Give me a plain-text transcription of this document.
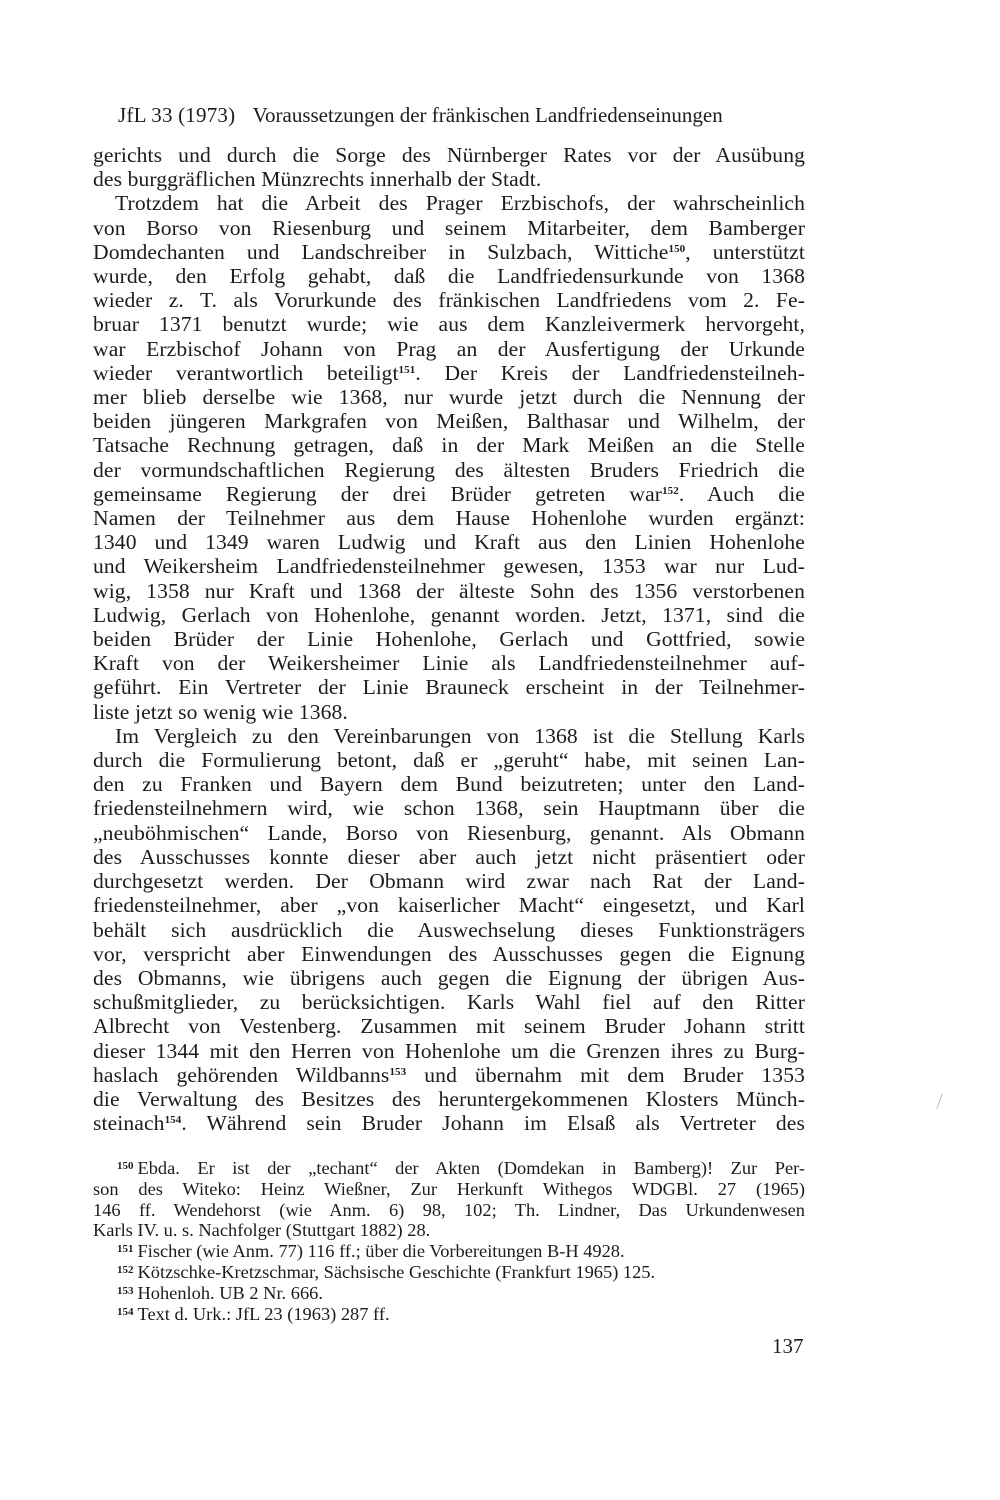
JfL 33 (1973) Voraussetzungen der fränkischen Landfriedenseinungen
gerichts und durch die Sorge des Nürnberger Rates vor der Ausübung
des burggräflichen Münzrechts innerhalb der Stadt.
Trotzdem hat die Arbeit des Prager Erzbischofs, der wahrscheinlich
von Borso von Riesenburg und seinem Mitarbeiter, dem Bamberger
Domdechanten und Landschreiber in Sulzbach, Wittiche$^{150}$, unterstützt
wurde, den Erfolg gehabt, daß die Landfriedensurkunde von 1368
wieder z. T. als Vorurkunde des fränkischen Landfriedens vom 2. Fe-
bruar 1371 benutzt wurde; wie aus dem Kanzleivermerk hervorgeht,
war Erzbischof Johann von Prag an der Ausfertigung der Urkunde
wieder verantwortlich beteiligt$^{151}$. Der Kreis der Landfriedensteilneh-
mer blieb derselbe wie 1368, nur wurde jetzt durch die Nennung der
beiden jüngeren Markgrafen von Meißen, Balthasar und Wilhelm, der
Tatsache Rechnung getragen, daß in der Mark Meißen an die Stelle
der vormundschaftlichen Regierung des ältesten Bruders Friedrich die
gemeinsame Regierung der drei Brüder getreten war$^{152}$. Auch die
Namen der Teilnehmer aus dem Hause Hohenlohe wurden ergänzt:
1340 und 1349 waren Ludwig und Kraft aus den Linien Hohenlohe
und Weikersheim Landfriedensteilnehmer gewesen, 1353 war nur Lud-
wig, 1358 nur Kraft und 1368 der älteste Sohn des 1356 verstorbenen
Ludwig, Gerlach von Hohenlohe, genannt worden. Jetzt, 1371, sind die
beiden Brüder der Linie Hohenlohe, Gerlach und Gottfried, sowie
Kraft von der Weikersheimer Linie als Landfriedensteilnehmer auf-
geführt. Ein Vertreter der Linie Brauneck erscheint in der Teilnehmer-
liste jetzt so wenig wie 1368.
Im Vergleich zu den Vereinbarungen von 1368 ist die Stellung Karls
durch die Formulierung betont, daß er „geruht“ habe, mit seinen Lan-
den zu Franken und Bayern dem Bund beizutreten; unter den Land-
friedensteilnehmern wird, wie schon 1368, sein Hauptmann über die
„neuböhmischen“ Lande, Borso von Riesenburg, genannt. Als Obmann
des Ausschusses konnte dieser aber auch jetzt nicht präsentiert oder
durchgesetzt werden. Der Obmann wird zwar nach Rat der Land-
friedensteilnehmer, aber „von kaiserlicher Macht“ eingesetzt, und Karl
behält sich ausdrücklich die Auswechselung dieses Funktionsträgers
vor, verspricht aber Einwendungen des Ausschusses gegen die Eignung
des Obmanns, wie übrigens auch gegen die Eignung der übrigen Aus-
schußmitglieder, zu berücksichtigen. Karls Wahl fiel auf den Ritter
Albrecht von Vestenberg. Zusammen mit seinem Bruder Johann stritt
dieser 1344 mit den Herren von Hohenlohe um die Grenzen ihres zu Burg-
haslach gehörenden Wildbanns$^{153}$ und übernahm mit dem Bruder 1353
die Verwaltung des Besitzes des heruntergekommenen Klosters Münch-
steinach$^{154}$. Während sein Bruder Johann im Elsaß als Vertreter des
$^{150}$ Ebda. Er ist der „techant“ der Akten (Domdekan in Bamberg)! Zur Per-
son des Witeko: Heinz Wießner, Zur Herkunft Withegos WDGBl. 27 (1965)
146 ff. Wendehorst (wie Anm. 6) 98, 102; Th. Lindner, Das Urkundenwesen
Karls IV. u. s. Nachfolger (Stuttgart 1882) 28.
$^{151}$ Fischer (wie Anm. 77) 116 ff.; über die Vorbereitungen B-H 4928.
$^{152}$ Kötzschke-Kretzschmar, Sächsische Geschichte (Frankfurt 1965) 125.
$^{153}$ Hohenloh. UB 2 Nr. 666.
$^{154}$ Text d. Urk.: JfL 23 (1963) 287 ff.
137
